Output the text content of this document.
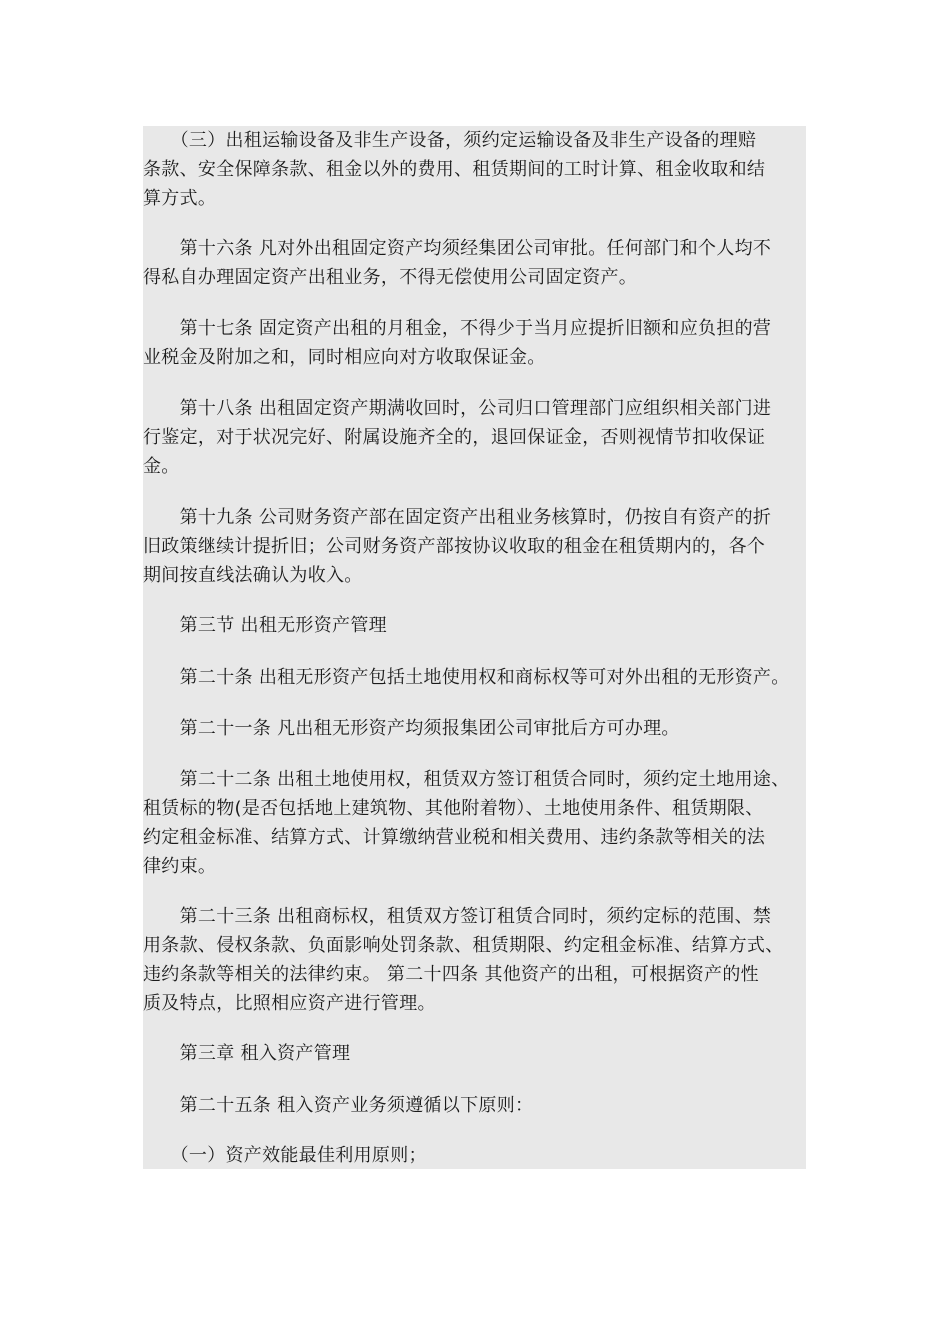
　　（三）出租运输设备及非生产设备，须约定运输设备及非生产设备的理赔
条款、安全保障条款、租金以外的费用、租赁期间的工时计算、租金收取和结
算方式。

　　第十六条 凡对外出租固定资产均须经集团公司审批。任何部门和个人均不
得私自办理固定资产出租业务，不得无偿使用公司固定资产。

　　第十七条 固定资产出租的月租金，不得少于当月应提折旧额和应负担的营
业税金及附加之和，同时相应向对方收取保证金。

　　第十八条 出租固定资产期满收回时，公司归口管理部门应组织相关部门进
行鉴定，对于状况完好、附属设施齐全的，退回保证金，否则视情节扣收保证
金。

　　第十九条 公司财务资产部在固定资产出租业务核算时，仍按自有资产的折
旧政策继续计提折旧；公司财务资产部按协议收取的租金在租赁期内的，各个
期间按直线法确认为收入。

　　第三节 出租无形资产管理

　　第二十条 出租无形资产包括土地使用权和商标权等可对外出租的无形资产。

　　第二十一条 凡出租无形资产均须报集团公司审批后方可办理。

　　第二十二条 出租土地使用权，租赁双方签订租赁合同时，须约定土地用途、
租赁标的物(是否包括地上建筑物、其他附着物）、土地使用条件、租赁期限、
约定租金标准、结算方式、计算缴纳营业税和相关费用、违约条款等相关的法
律约束。

　　第二十三条 出租商标权，租赁双方签订租赁合同时，须约定标的范围、禁
用条款、侵权条款、负面影响处罚条款、租赁期限、约定租金标准、结算方式、
违约条款等相关的法律约束。 第二十四条 其他资产的出租，可根据资产的性
质及特点，比照相应资产进行管理。

　　第三章 租入资产管理

　　第二十五条 租入资产业务须遵循以下原则：

　　（一）资产效能最佳利用原则；
